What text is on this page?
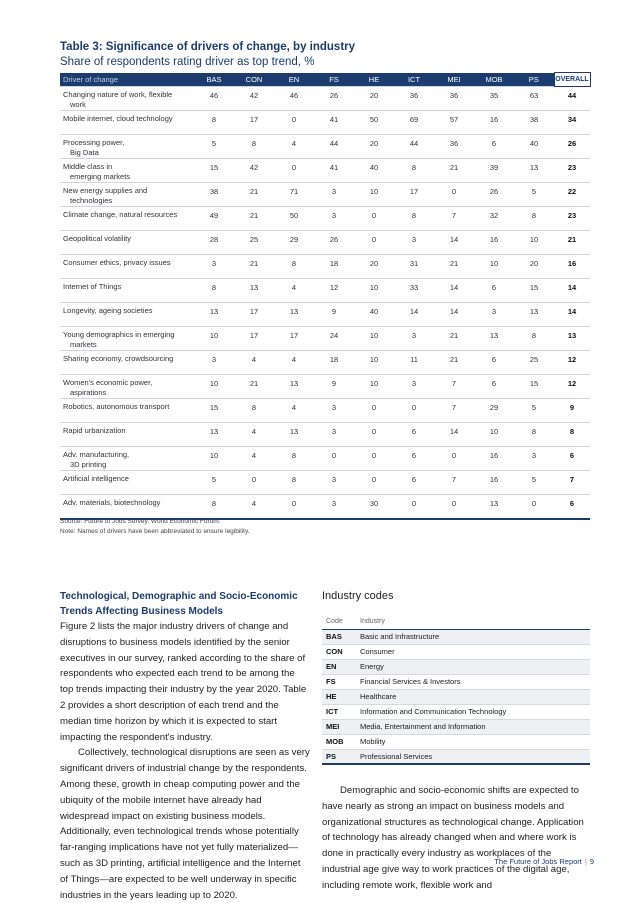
Table 3: Significance of drivers of change, by industry
Share of respondents rating driver as top trend, %
Driver of change	BAS	CON	EN	FS	HE	ICT	MEI	MOB	PS	OVERALL
Changing nature of work, flexible
work	46	42	46	26	20	36	36	35	63	44
Mobile internet, cloud technology	8	17	0	41	50	69	57	16	38	34
Processing power,
Big Data	5	8	4	44	20	44	36	6	40	26
Middle class in
emerging markets	15	42	0	41	40	8	21	39	13	23
New energy supplies and
technologies	38	21	71	3	10	17	0	26	5	22
Climate change, natural resources	49	21	50	3	0	8	7	32	8	23
Geopolitical volatility	28	25	29	26	0	3	14	16	10	21
Consumer ethics, privacy issues	3	21	8	18	20	31	21	10	20	16
Internet of Things	8	13	4	12	10	33	14	6	15	14
Longevity, ageing societies	13	17	13	9	40	14	14	3	13	14
Young demographics in emerging
markets	10	17	17	24	10	3	21	13	8	13
Sharing economy, crowdsourcing	3	4	4	18	10	11	21	6	25	12
Women's economic power,
aspirations	10	21	13	9	10	3	7	6	15	12
Robotics, autonomous transport	15	8	4	3	0	0	7	29	5	9
Rapid urbanization	13	4	13	3	0	6	14	10	8	8
Adv. manufacturing,
3D printing	10	4	8	0	0	6	0	16	3	6
Artificial intelligence	5	0	8	3	0	6	7	16	5	7
Adv. materials, biotechnology	8	4	0	3	30	0	0	13	0	6
Source: Future of Jobs Survey, World Economic Forum.
Note: Names of drivers have been abbreviated to ensure legibility.
Technological, Demographic and Socio-Economic Trends Affecting Business Models

Figure 2 lists the major industry drivers of change and disruptions to business models identified by the senior executives in our survey, ranked according to the share of respondents who expected each trend to be among the top trends impacting their industry by the year 2020. Table 2 provides a short description of each trend and the median time horizon by which it is expected to start impacting the respondent's industry.

Collectively, technological disruptions are seen as very significant drivers of industrial change by the respondents. Among these, growth in cheap computing power and the ubiquity of the mobile internet have already had widespread impact on existing business models. Additionally, even technological trends whose potentially far-ranging implications have not yet fully materialized—such as 3D printing, artificial intelligence and the Internet of Things—are expected to be well underway in specific industries in the years leading up to 2020.

Industry codes
Code	Industry
BAS	Basic and Infrastructure
CON	Consumer
EN	Energy
FS	Financial Services & Investors
HE	Healthcare
ICT	Information and Communication Technology
MEI	Media, Entertainment and Information
MOB	Mobility
PS	Professional Services

Demographic and socio-economic shifts are expected to have nearly as strong an impact on business models and organizational structures as technological change. Application of technology has already changed when and where work is done in practically every industry as workplaces of the industrial age give way to work practices of the digital age, including remote work, flexible work and

The Future of Jobs Report | 9
